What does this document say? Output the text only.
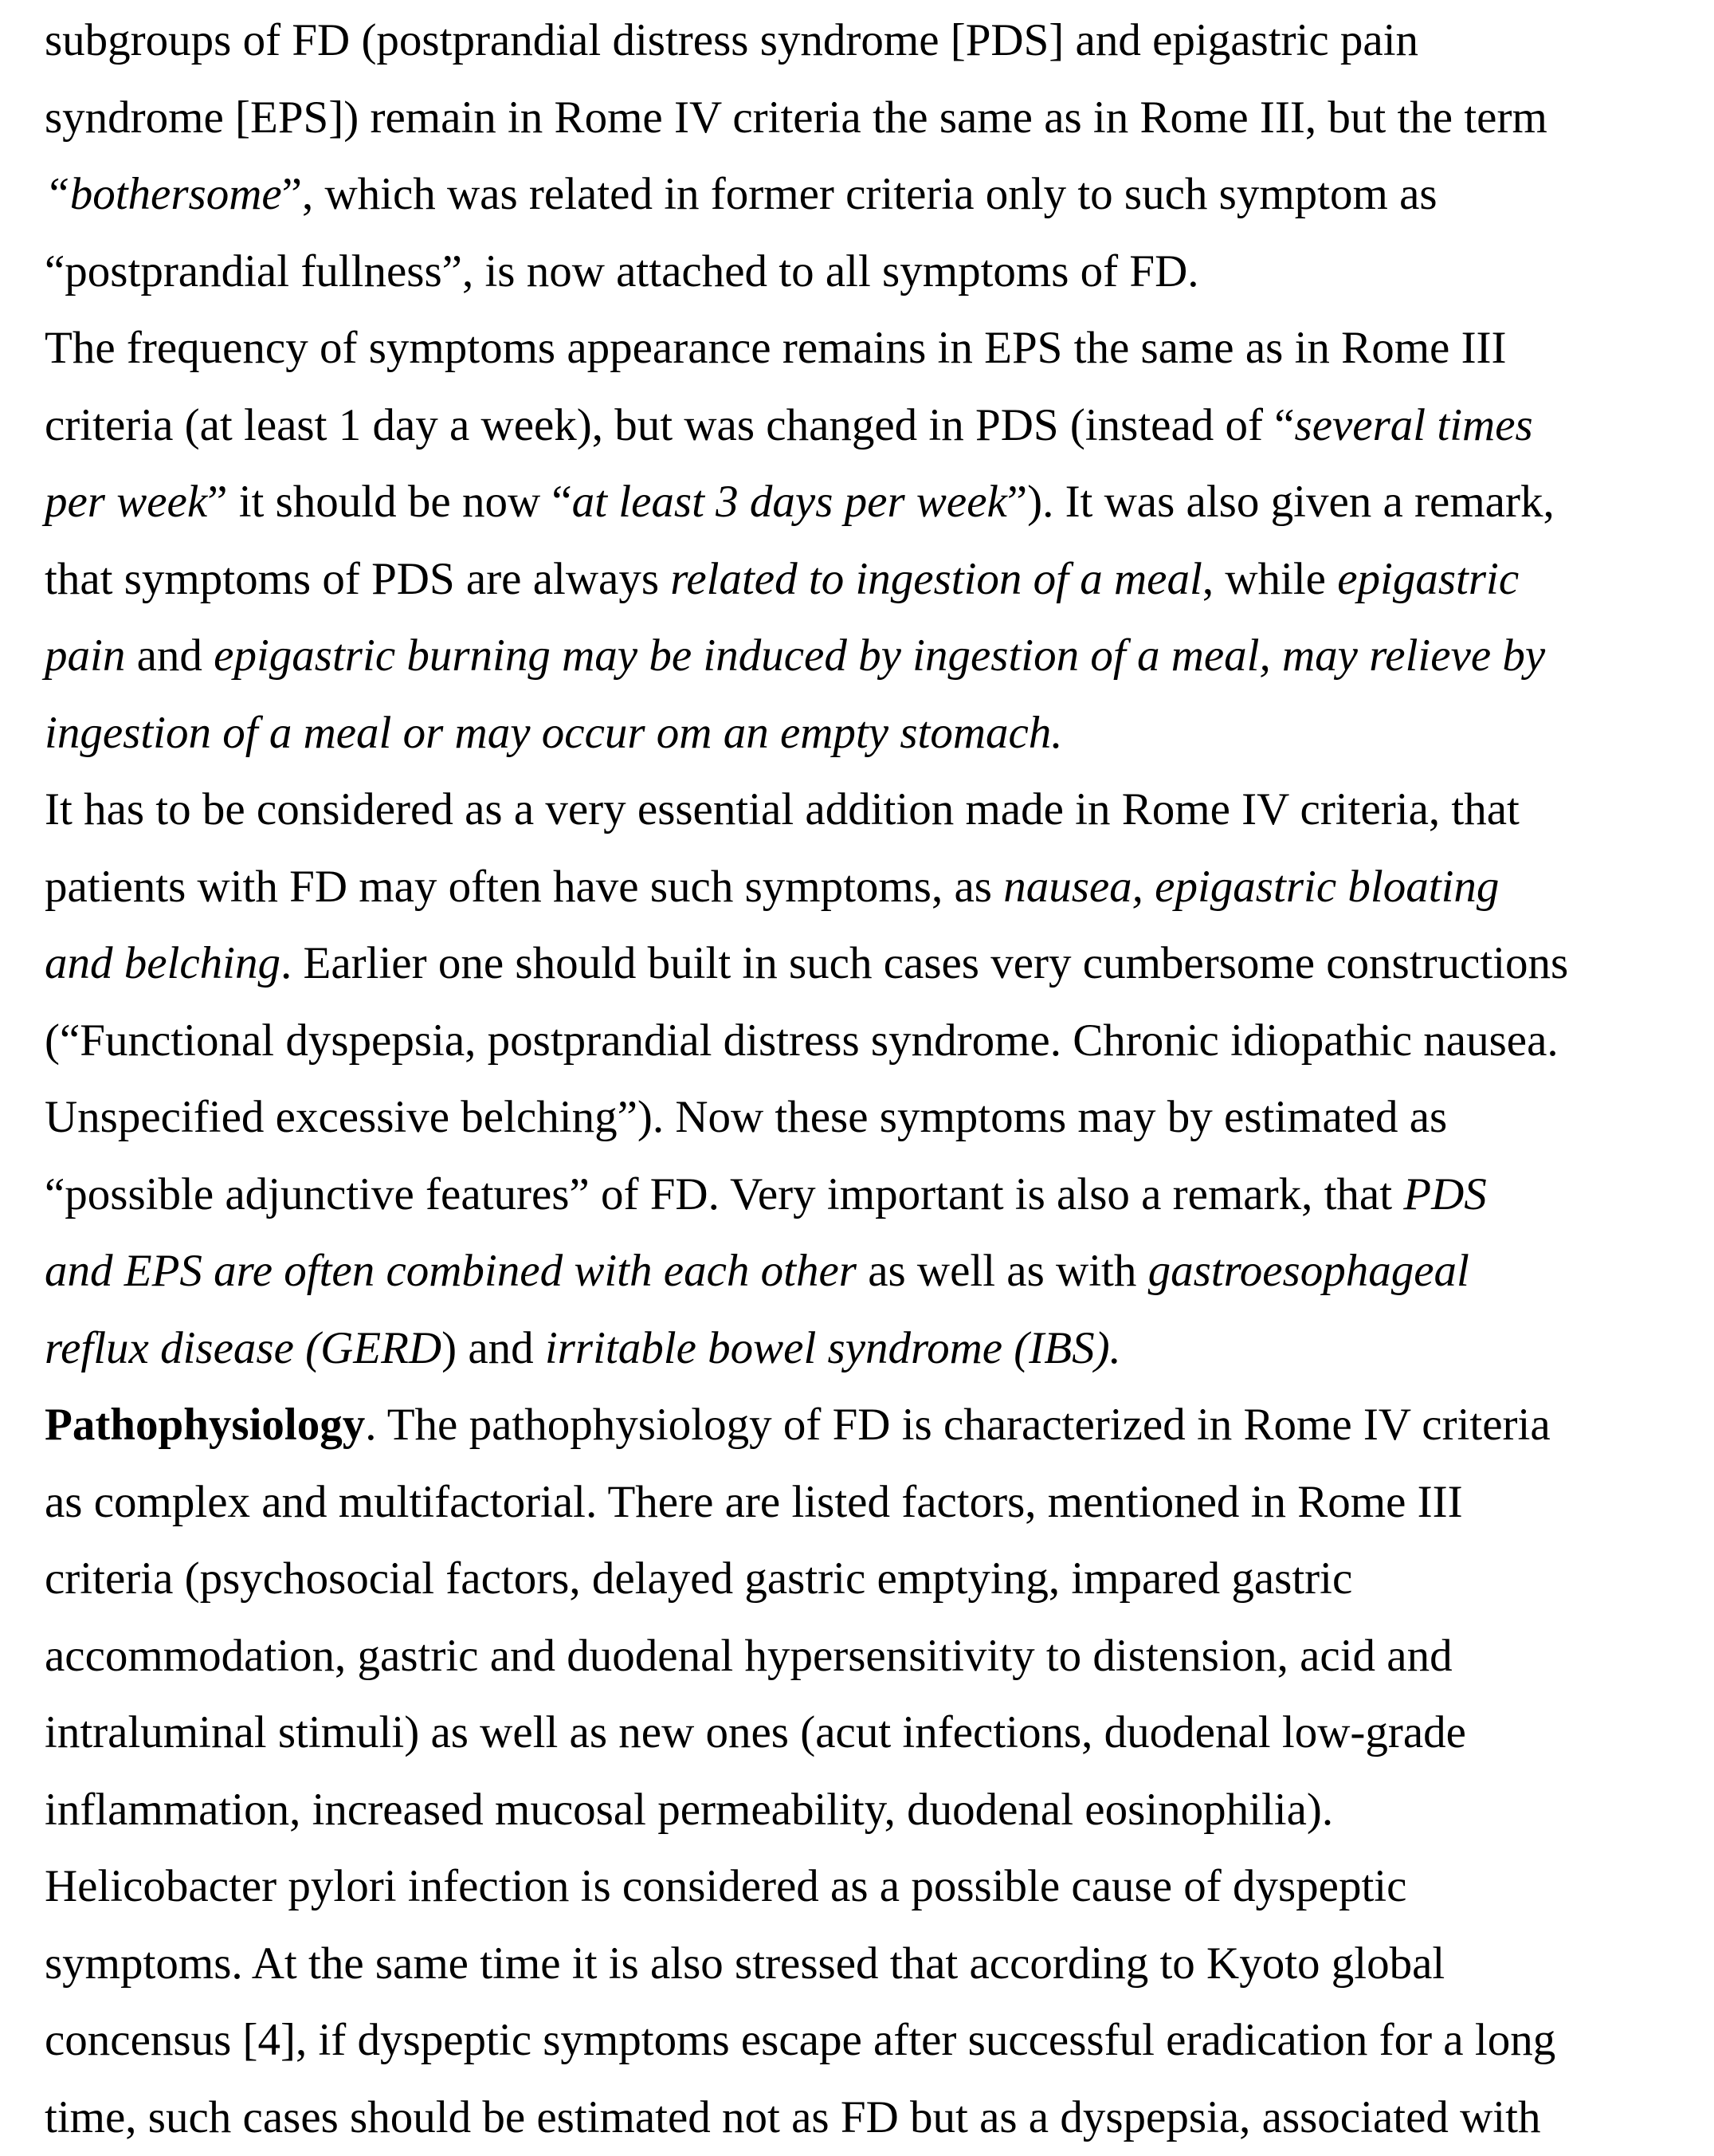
subgroups of FD (postprandial distress syndrome [PDS] and epigastric pain
syndrome [EPS]) remain in Rome IV criteria the same as in Rome III, but the term
“bothersome”, which was related in former criteria only to such symptom as
“postprandial fullness”, is now attached to all symptoms of FD.
The frequency of symptoms appearance remains in EPS the same as in Rome III
criteria (at least 1 day a week), but was changed in PDS (instead of “several times
per week” it should be now “at least 3 days per week”). It was also given a remark,
that symptoms of PDS are always related to ingestion of a meal, while epigastric
pain and epigastric burning may be induced by ingestion of a meal, may relieve by
ingestion of a meal or may occur om an empty stomach.
It has to be considered as a very essential addition made in Rome IV criteria, that
patients with FD may often have such symptoms, as nausea, epigastric bloating
and belching. Earlier one should built in such cases very cumbersome constructions
(“Functional dyspepsia, postprandial distress syndrome. Chronic idiopathic nausea.
Unspecified excessive belching”). Now these symptoms may by estimated as
“possible adjunctive features” of FD. Very important is also a remark, that PDS
and EPS are often combined with each other as well as with gastroesophageal
reflux disease (GERD) and irritable bowel syndrome (IBS).
Pathophysiology. The pathophysiology of FD is characterized in Rome IV criteria
as complex and multifactorial. There are listed factors, mentioned in Rome III
criteria (psychosocial factors, delayed gastric emptying, impared gastric
accommodation, gastric and duodenal hypersensitivity to distension, acid and
intraluminal stimuli) as well as new ones (acut infections, duodenal low-grade
inflammation, increased mucosal permeability, duodenal eosinophilia).
Helicobacter pylori infection is considered as a possible cause of dyspeptic
symptoms. At the same time it is also stressed that according to Kyoto global
concensus [4], if dyspeptic symptoms escape after successful eradication for a long
time, such cases should be estimated not as FD but as a dyspepsia, associated with
